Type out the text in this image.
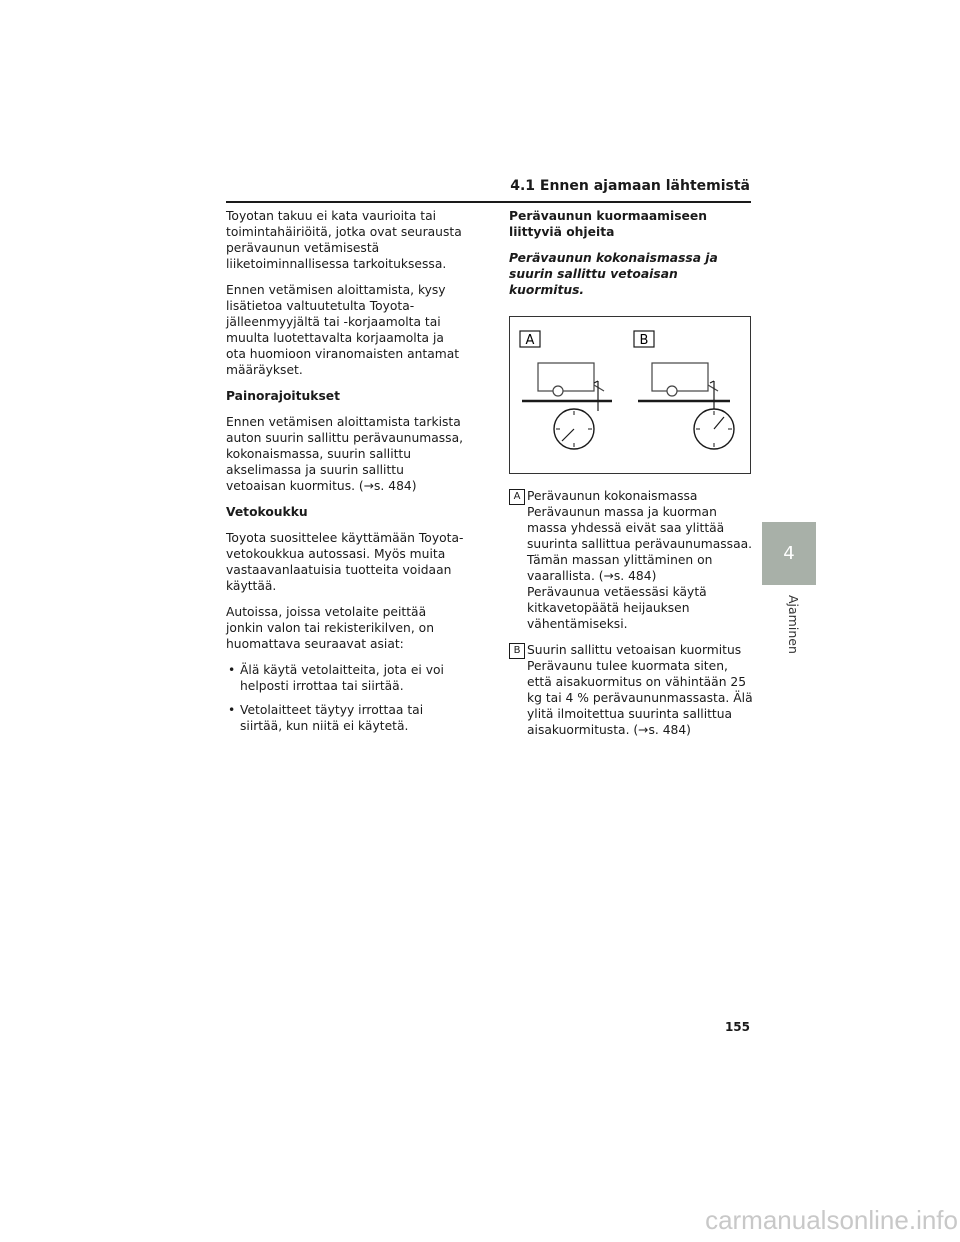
4.1 Ennen ajamaan lähtemistä

Toyotan takuu ei kata vaurioita tai toimintahäiriöitä, jotka ovat seurausta perävaunun vetämisestä liiketoiminnallisessa tarkoituksessa.

Ennen vetämisen aloittamista, kysy lisätietoa valtuutetulta Toyota-jälleenmyyjältä tai -korjaamolta tai muulta luotettavalta korjaamolta ja ota huomioon viranomaisten antamat määräykset.

Painorajoitukset

Ennen vetämisen aloittamista tarkista auton suurin sallittu perävaunumassa, kokonaismassa, suurin sallittu akselimassa ja suurin sallittu vetoaisan kuormitus. (→s. 484)

Vetokoukku

Toyota suosittelee käyttämään Toyota-vetokoukkua autossasi. Myös muita vastaavanlaatuisia tuotteita voidaan käyttää.

Autoissa, joissa vetolaite peittää jonkin valon tai rekisterikilven, on huomattava seuraavat asiat:

• Älä käytä vetolaitteita, jota ei voi helposti irrottaa tai siirtää.
• Vetolaitteet täytyy irrottaa tai siirtää, kun niitä ei käytetä.
Perävaunun kuormaamiseen liittyviä ohjeita
Perävaunun kokonaismassa ja suurin sallittu vetoaisan kuormitus.
A	B
A Perävaunun kokonaismassa
Perävaunun massa ja kuorman massa yhdessä eivät saa ylittää suurinta sallittua perävaunumassaa. Tämän massan ylittäminen on vaarallista. (→s. 484)
Perävaunua vetäessäsi käytä kitkavetopäätä heijauksen vähentämiseksi.
B Suurin sallittu vetoaisan kuormitus
Perävaunu tulee kuormata siten, että aisakuormitus on vähintään 25 kg tai 4 % perävaununmassasta. Älä ylitä ilmoitettua suurinta sallittua aisakuormitusta. (→s. 484)
4
Ajaminen
155
carmanualsonline.info
